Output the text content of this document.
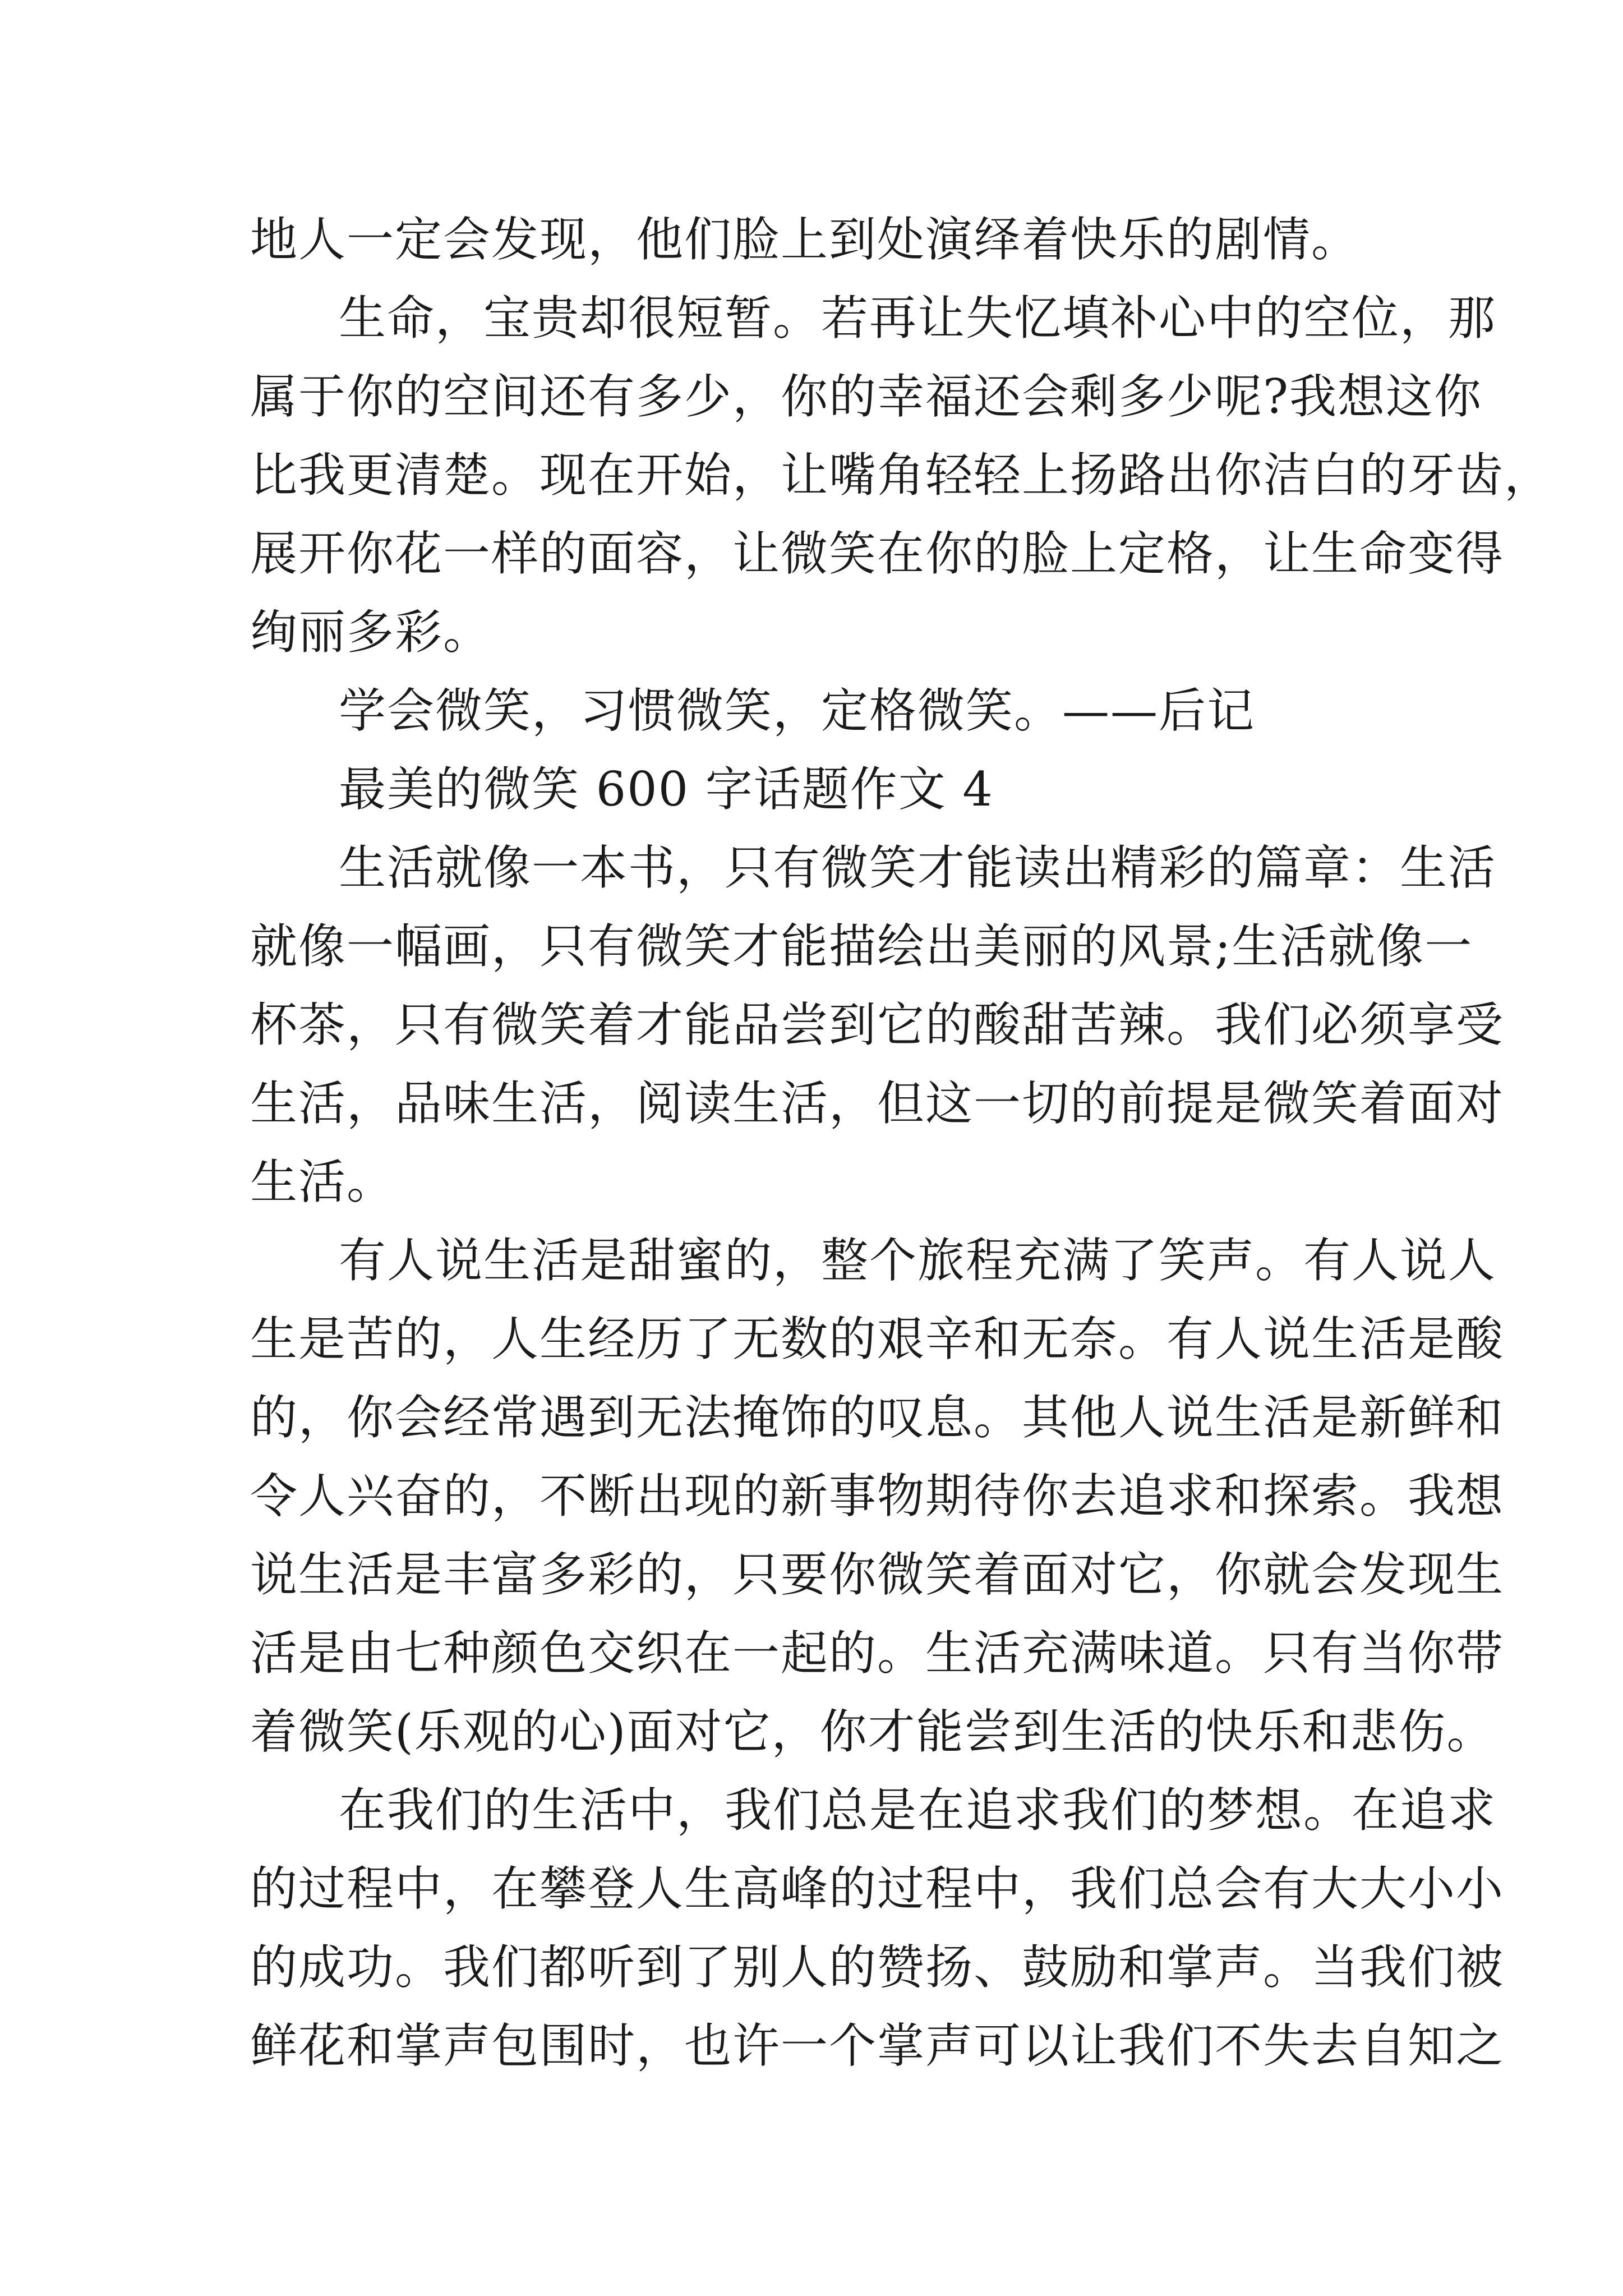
地人一定会发现，他们脸上到处演绎着快乐的剧情。
生命，宝贵却很短暂。若再让失忆填补心中的空位，那
属于你的空间还有多少，你的幸福还会剩多少呢?我想这你
比我更清楚。现在开始，让嘴角轻轻上扬路出你洁白的牙齿，
展开你花一样的面容，让微笑在你的脸上定格，让生命变得
绚丽多彩。
学会微笑，习惯微笑，定格微笑。——后记
最美的微笑 600 字话题作文 4
生活就像一本书，只有微笑才能读出精彩的篇章：生活
就像一幅画，只有微笑才能描绘出美丽的风景;生活就像一
杯茶，只有微笑着才能品尝到它的酸甜苦辣。我们必须享受
生活，品味生活，阅读生活，但这一切的前提是微笑着面对
生活。
有人说生活是甜蜜的，整个旅程充满了笑声。有人说人
生是苦的，人生经历了无数的艰辛和无奈。有人说生活是酸
的，你会经常遇到无法掩饰的叹息。其他人说生活是新鲜和
令人兴奋的，不断出现的新事物期待你去追求和探索。我想
说生活是丰富多彩的，只要你微笑着面对它，你就会发现生
活是由七种颜色交织在一起的。生活充满味道。只有当你带
着微笑(乐观的心)面对它，你才能尝到生活的快乐和悲伤。
在我们的生活中，我们总是在追求我们的梦想。在追求
的过程中，在攀登人生高峰的过程中，我们总会有大大小小
的成功。我们都听到了别人的赞扬、鼓励和掌声。当我们被
鲜花和掌声包围时，也许一个掌声可以让我们不失去自知之
